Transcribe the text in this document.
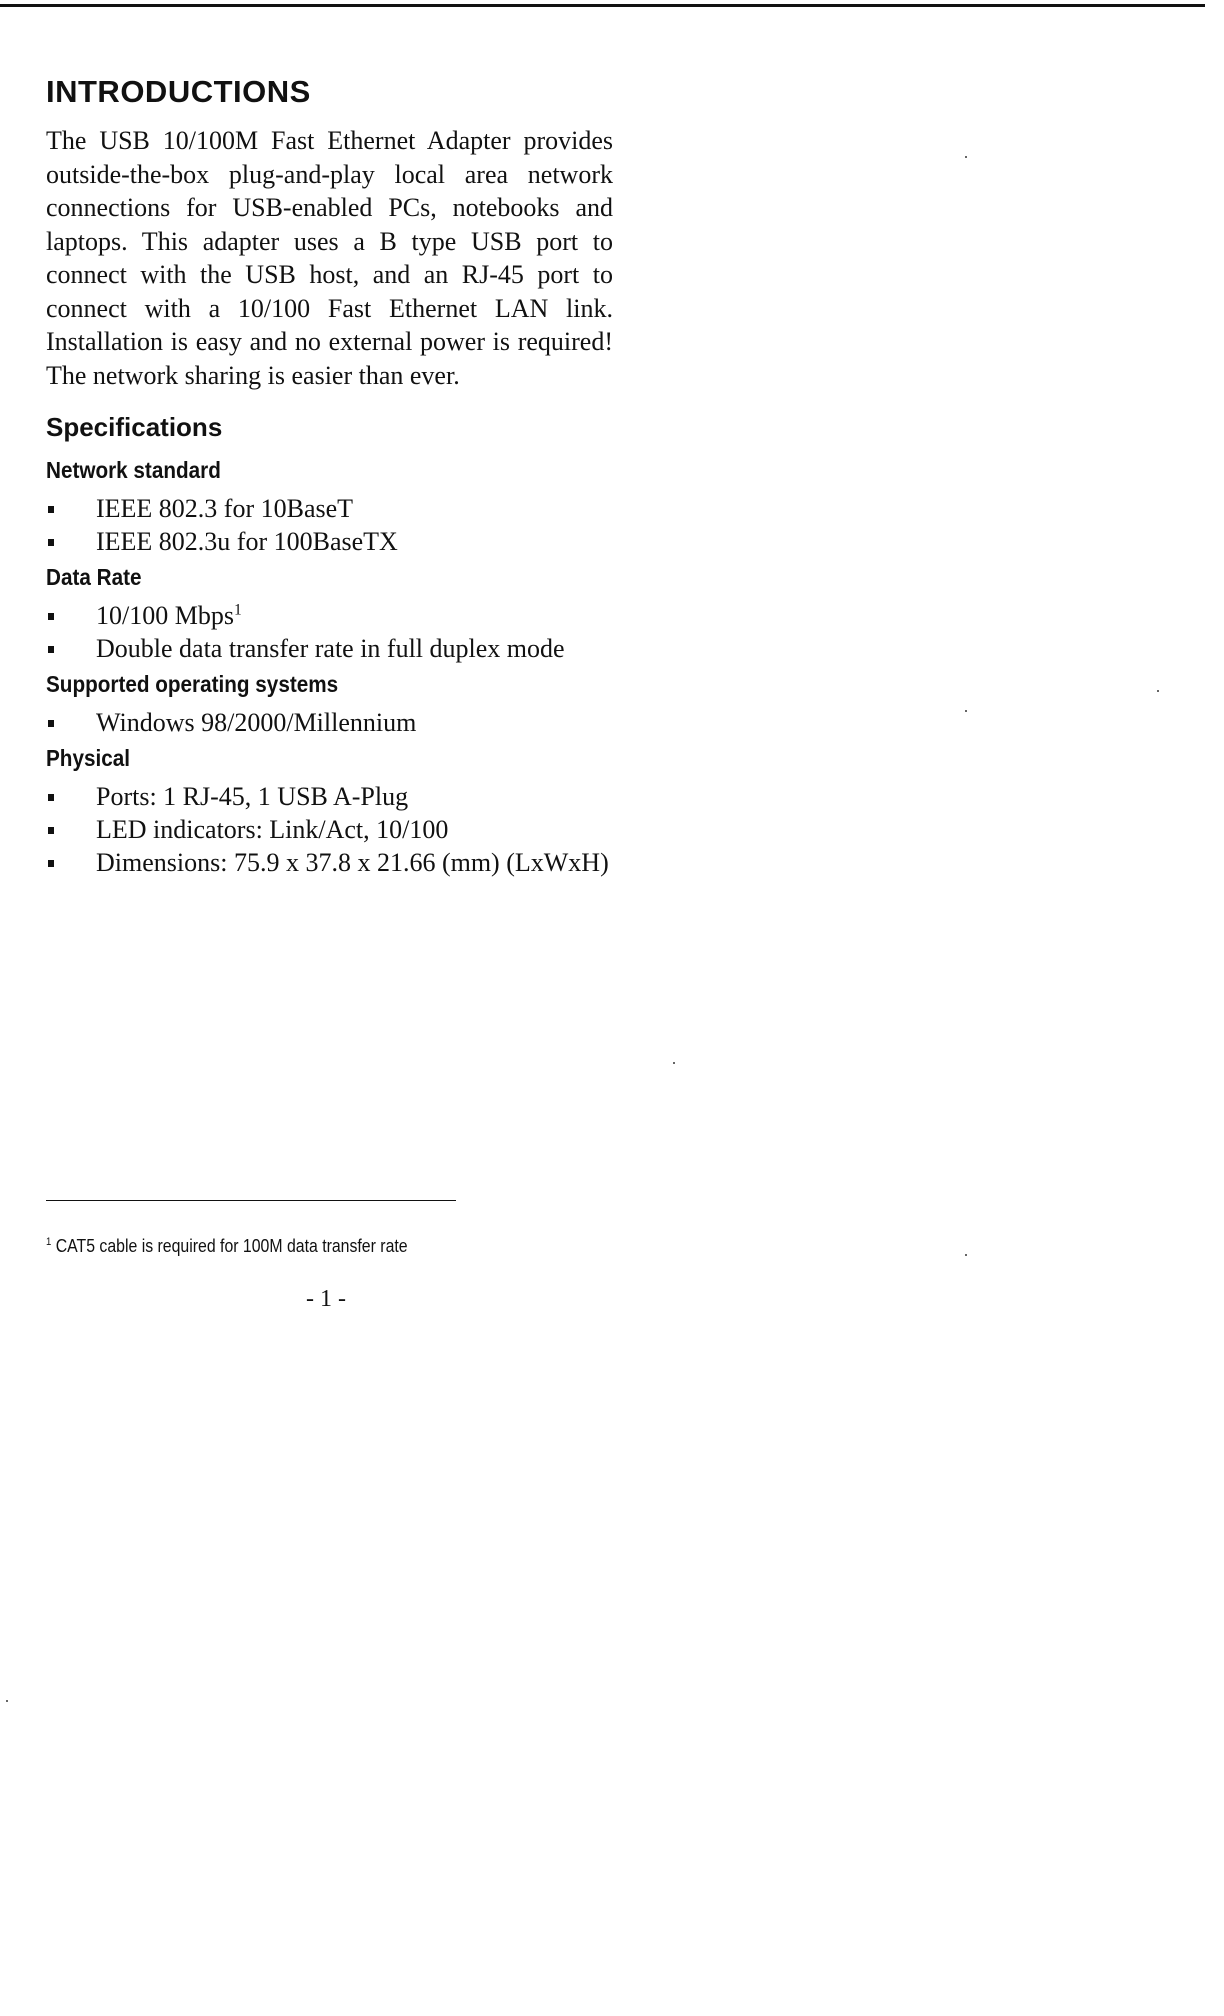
INTRODUCTIONS

The USB 10/100M Fast Ethernet Adapter provides outside-the-box plug-and-play local area network connections for USB-enabled PCs, notebooks and laptops. This adapter uses a B type USB port to connect with the USB host, and an RJ-45 port to connect with a 10/100 Fast Ethernet LAN link. Installation is easy and no external power is required! The network sharing is easier than ever.

Specifications
Network standard
IEEE 802.3 for 10BaseT
IEEE 802.3u for 100BaseTX
Data Rate
10/100 Mbps$^1$
Double data transfer rate in full duplex mode
Supported operating systems
Windows 98/2000/Millennium
Physical
Ports: 1 RJ-45, 1 USB A-Plug
LED indicators: Link/Act, 10/100
Dimensions: 75.9 x 37.8 x 21.66 (mm) (LxWxH)
$^1$ CAT5 cable is required for 100M data transfer rate
- 1 -
